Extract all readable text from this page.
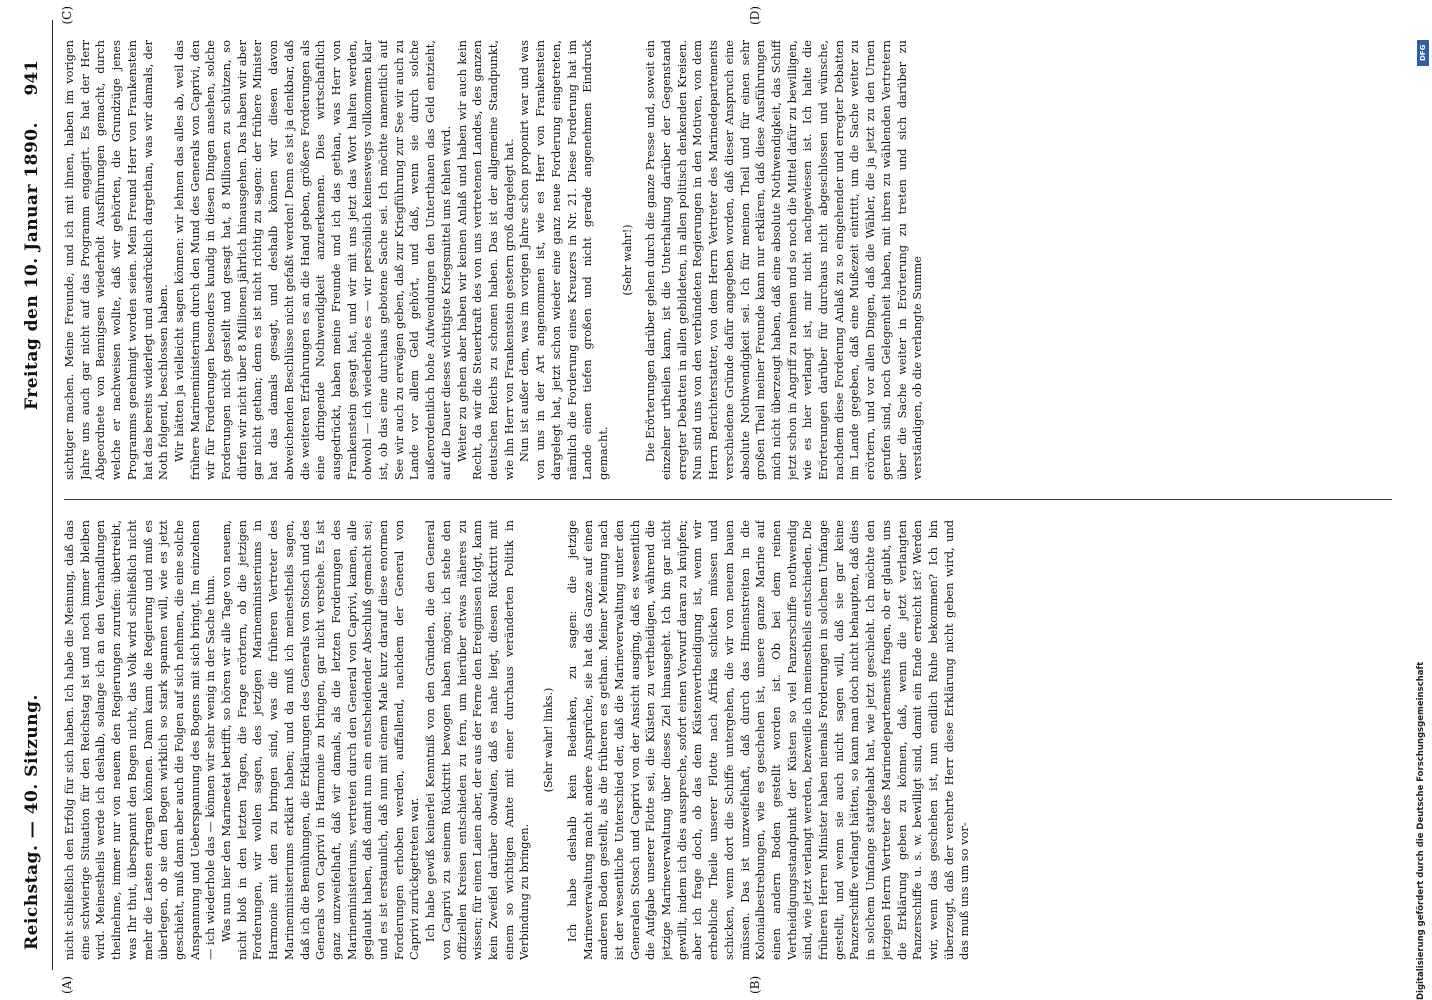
Reichstag. — 40. Sitzung.
Freitag den 10. Januar 1890.
941
(A)	(B)
(C)	(D)

nicht schließlich den Erfolg für sich haben. Ich habe die Meinung, daß das eine schwierige Situation für den Reichstag ist und noch immer bleiben wird. Meinestheils werde ich deshalb, solange ich an den Verhandlungen theilnehme, immer nur von neuem den Regierungen zurufen: übertreibt, was Ihr thut, überspannt den Bogen nicht, das Volk wird schließlich nicht mehr die Lasten ertragen können. Dann kann die Regierung und muß es überlegen, ob sie den Bogen wirklich so stark spannen will, wie es jetzt geschieht, muß dann aber auch die Folgen auf sich nehmen, die eine solche Anspannung und Ueberspannung des Bogens mit sich bringt. Im einzelnen — ich wiederhole das — können wir sehr wenig in der Sache thun. Was nun hier den Marineetat betrifft, so hören wir alle Tage von neuem, nicht bloß in den letzten Tagen, die Frage erörtern, ob die jetzigen Forderungen, wir wollen sagen, des jetzigen Marineministeriums in Harmonie mit den zu bringen sind, was die früheren Vertreter des Marineministeriums erklärt haben; und da muß ich meinestheils sagen, daß ich die Bemühungen, die Erklärungen des Generals von Stosch und des Generals von Caprivi in Harmonie zu bringen, gar nicht verstehe. Es ist ganz unzweifelhaft, daß wir damals, als die letzten Forderungen des Marineministeriums, vertreten durch den General von Caprivi, kamen, alle geglaubt haben, daß damit nun ein entscheidender Abschluß gemacht sei; und es ist erstaunlich, daß nun mit einem Male kurz darauf diese enormen Forderungen erhoben werden, auffallend, nachdem der General von Caprivi zurückgetreten war. Ich habe gewiß keinerlei Kenntniß von den Gründen, die den General von Caprivi zu seinem Rücktritt bewogen haben mögen; ich stehe den offiziellen Kreisen entschieden zu fern, um hierüber etwas näheres zu wissen; für einen Laien aber, der aus der Ferne den Ereignissen folgt, kann kein Zweifel darüber obwalten, daß es nahe liegt, diesen Rücktritt mit einem so wichtigen Amte mit einer durchaus veränderten Politik in Verbindung zu bringen.

(Sehr wahr! links.) Ich habe deshalb kein Bedenken, zu sagen: die jetzige Marineverwaltung macht andere Ansprüche, sie hat das Ganze auf einen anderen Boden gestellt, als die früheren es gethan. Meiner Meinung nach ist der wesentliche Unterschied der, daß die Marineverwaltung unter den Generalen Stosch und Caprivi von der Ansicht ausging, daß es wesentlich die Aufgabe unserer Flotte sei, die Küsten zu vertheidigen, während die jetzige Marineverwaltung über dieses Ziel hinausgeht. Ich bin gar nicht gewillt, indem ich dies ausspreche, sofort einen Vorwurf daran zu knüpfen; aber ich frage doch, ob das dem Küstenvertheidigung ist, wenn wir erhebliche Theile unserer Flotte nach Afrika schicken müssen und schicken, wenn dort die Schiffe untergehen, die wir von neuem bauen müssen. Das ist unzweifelhaft, daß durch das Hineinstreiten in die Kolonialbestrebungen, wie es geschehen ist, unsere ganze Marine auf einen andern Boden gestellt worden ist. Ob bei dem reinen Vertheidigungsstandpunkt der Küsten so viel Panzerschiffe nothwendig sind, wie jetzt verlangt werden, bezweifle ich meinestheils entschieden. Die früheren Herren Minister haben niemals Forderungen in solchem Umfange gestellt, und wenn sie auch nicht sagen will, daß sie gar keine Panzerschiffe verlangt hätten, so kann man doch nicht behaupten, daß dies in solchem Umfange stattgehabt hat, wie jetzt geschieht. Ich möchte den jetzigen Herrn Vertreter des Marinedepartements fragen, ob er glaubt, uns die Erklärung geben zu können, daß, wenn die jetzt verlangten Panzerschiffe u. s. w. bewilligt sind, damit ein Ende erreicht ist? Werden wir, wenn das geschehen ist, nun endlich Ruhe bekommen? Ich bin überzeugt, daß der verehrte Herr diese Erklärung nicht geben wird, und das muß uns um so vor-

sichtiger machen. Meine Freunde, und ich mit ihnen, haben im vorigen Jahre uns auch gar nicht auf das Programm engagirt. Es hat der Herr Abgeordnete von Bennigsen wiederholt Ausführungen gemacht, durch welche er nachweisen wollte, daß wir gehörten, die Grundzüge jenes Programms genehmigt worden seien. Mein Freund Herr von Frankenstein hat das bereits widerlegt und ausdrücklich dargethan, was wir damals, der Noth folgend, beschlossen haben. Wir hätten ja vielleicht sagen können: wir lehnen das alles ab, weil das frühere Marineministerium durch den Mund des Generals von Caprivi, den wir für Forderungen besonders kundig in diesen Dingen ansehen, solche Forderungen nicht gestellt und gesagt hat, 8 Millionen zu schützen, so dürfen wir nicht über 8 Millionen jährlich hinausgehen. Das haben wir aber gar nicht gethan; denn es ist nicht richtig zu sagen: der frühere Minister hat das damals gesagt, und deshalb können wir diesen davon abweichenden Beschlüsse nicht gefaßt werden! Denn es ist ja denkbar, daß die weiteren Erfahrungen es an die Hand geben, größere Forderungen als eine dringende Nothwendigkeit anzuerkennen. Dies wirtschaftlich ausgedrückt, haben meine Freunde und ich das gethan, was Herr von Frankenstein gesagt hat, und wir mit uns jetzt das Wort halten werden, obwohl — ich wiederhole es — wir persönlich keineswegs vollkommen klar ist, ob das eine durchaus gebotene Sache sei. Ich möchte namentlich auf See wir auch zu erwägen geben, daß zur Kriegführung zur See wir auch zu Lande vor allem Geld gehört, und daß, wenn sie durch solche außerordentlich hohe Aufwendungen den Unterthanen das Geld entzieht, auf die Dauer dieses wichtigste Kriegsmittel uns fehlen wird. Weiter zu gehen aber haben wir keinen Anlaß und haben wir auch kein Recht, da wir die Steuerkraft des von uns vertretenen Landes, des ganzen deutschen Reichs zu schonen haben. Das ist der allgemeine Standpunkt, wie ihn Herr von Frankenstein gestern groß dargelegt hat. Nun ist außer dem, was im vorigen Jahre schon proponirt war und was von uns in der Art angenommen ist, wie es Herr von Frankenstein dargelegt hat, jetzt schon wieder eine ganz neue Forderung eingetreten, nämlich die Forderung eines Kreuzers in Nr. 21. Diese Forderung hat im Lande einen tiefen großen und nicht gerade angenehmen Eindruck gemacht.

(Sehr wahr!) Die Erörterungen darüber gehen durch die ganze Presse und, soweit ein einzelner urtheilen kann, ist die Unterhaltung darüber der Gegenstand erregter Debatten in allen gebildeten, in allen politisch denkenden Kreisen. Nun sind uns von den verbündeten Regierungen in den Motiven, von dem Herrn Berichterstatter, von dem Herrn Vertreter des Marinedepartements verschiedene Gründe dafür angegeben worden, daß dieser Anspruch eine absolute Nothwendigkeit sei. Ich für meinen Theil und für einen sehr großen Theil meiner Freunde kann nur erklären, daß diese Ausführungen mich nicht überzeugt haben, daß eine absolute Nothwendigkeit, das Schiff jetzt schon in Angriff zu nehmen und so noch die Mittel dafür zu bewilligen, wie es hier verlangt ist, mir nicht nachgewiesen ist. Ich halte die Erörterungen darüber für durchaus nicht abgeschlossen und wünsche, nachdem diese Forderung Anlaß zu so eingehender und erregter Debatten im Lande gegeben, daß eine Mußezeit eintritt, um die Sache weiter zu erörtern, und vor allen Dingen, daß die Wähler, die ja jetzt zu den Urnen gerufen sind, noch Gelegenheit haben, mit ihren zu wählenden Vertretern über die Sache weiter in Erörterung zu treten und sich darüber zu verständigen, ob die verlangte Summe

DFG
Digitalisierung gefördert durch die Deutsche Forschungsgemeinschaft
